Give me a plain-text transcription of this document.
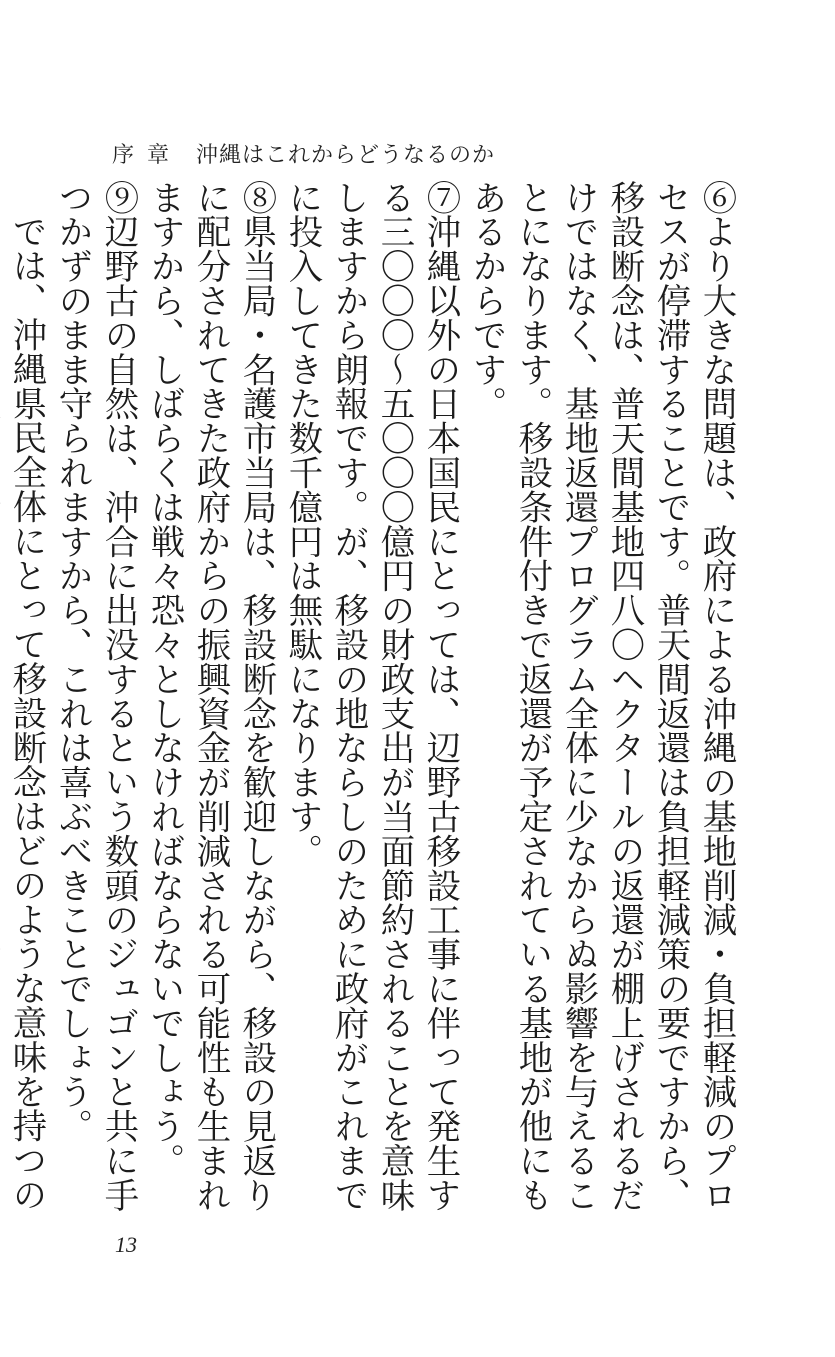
序 章 沖縄はこれからどうなるのか

⑥より大きな問題は、政府による沖縄の基地削減・負担軽減のプロセスが停滞することです。普天間返還は負担軽減策の要ですから、移設断念は、普天間基地四八〇ヘクタールの返還が棚上げされるだけではなく、基地返還プログラム全体に少なからぬ影響を与えることになります。移設条件付きで返還が予定されている基地が他にもあるからです。

⑦沖縄以外の日本国民にとっては、辺野古移設工事に伴って発生する三〇〇〇〜五〇〇〇億円の財政支出が当面節約されることを意味しますから朗報です。が、移設の地ならしのために政府がこれまでに投入してきた数千億円は無駄になります。

⑧県当局・名護市当局は、移設断念を歓迎しながら、移設の見返りに配分されてきた政府からの振興資金が削減される可能性も生まれますから、しばらくは戦々恐々としなければならないでしょう。

⑨辺野古の自然は、沖合に出没するという数頭のジュゴンと共に手つかずのまま守られますから、これは喜ぶべきことでしょう。

では、沖縄県民全体にとって移設断念はどのような意味を持つの

13
